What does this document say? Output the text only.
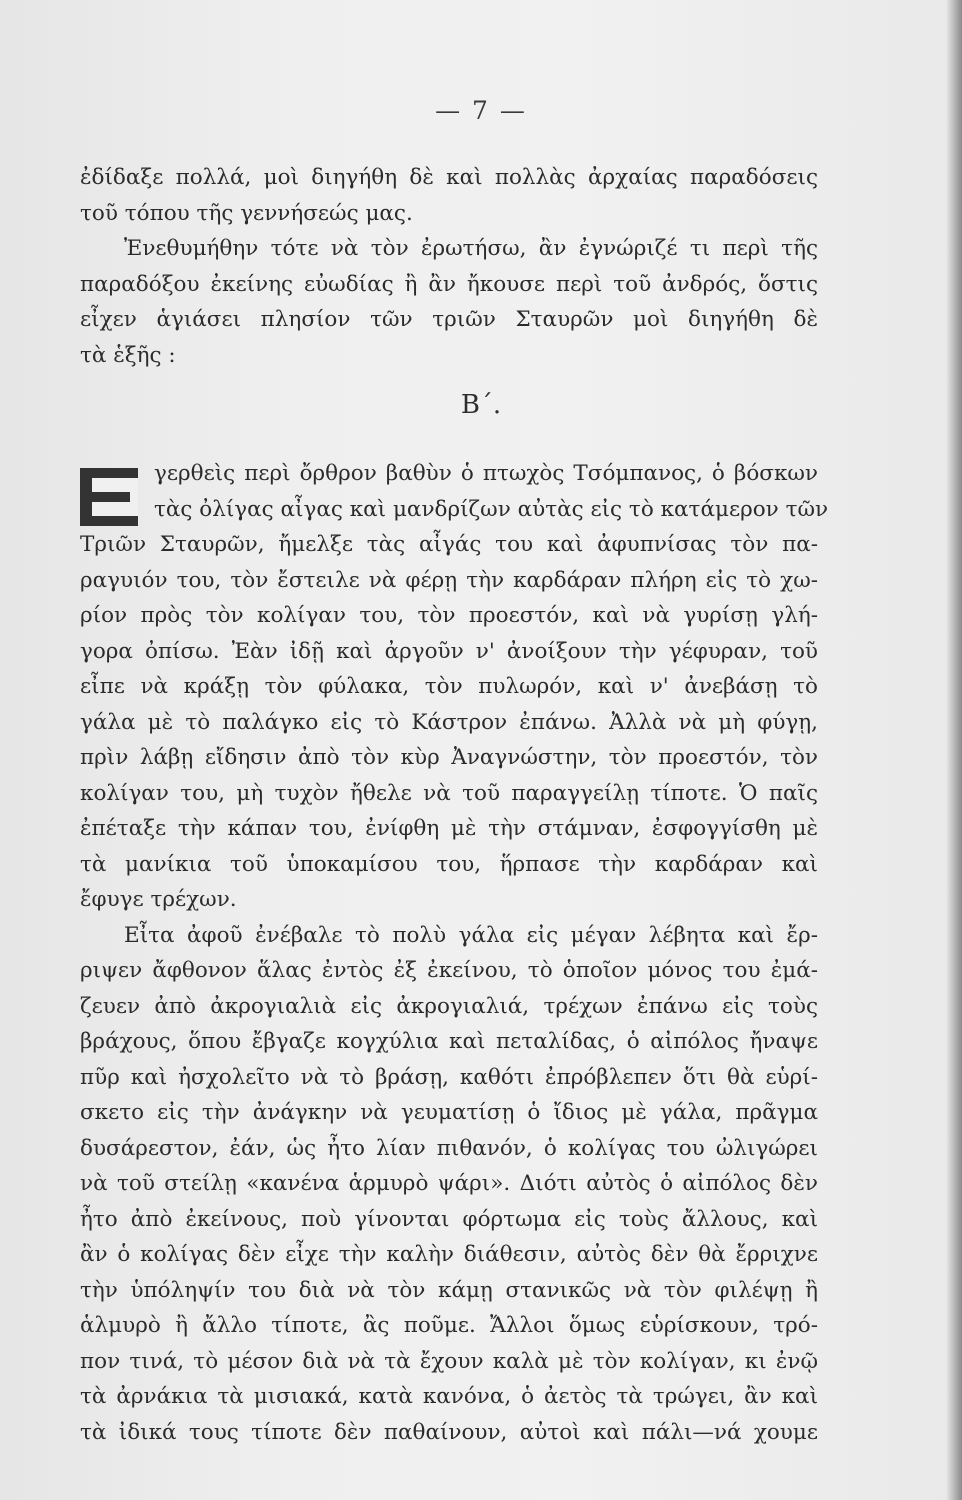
— 7 —
ἐδίδαξε πολλά, μοὶ διηγήθη δὲ καὶ πολλὰς ἀρχαίας παραδόσεις
τοῦ τόπου τῆς γεννήσεώς μας.
Ἐνεθυμήθην τότε νὰ τὸν ἐρωτήσω, ἂν ἐγνώριζέ τι περὶ τῆς
παραδόξου ἐκείνης εὐωδίας ἢ ἂν ἤκουσε περὶ τοῦ ἀνδρός, ὅστις
εἶχεν ἁγιάσει πλησίον τῶν τριῶν Σταυρῶν μοὶ διηγήθη δὲ
τὰ ἑξῆς :
Β΄.
γερθεὶς περὶ ὄρθρον βαθὺν ὁ πτωχὸς Τσόμπανος, ὁ βόσκων
τὰς ὀλίγας αἶγας καὶ μανδρίζων αὐτὰς εἰς τὸ κατάμερον τῶν
Τριῶν Σταυρῶν, ἤμελξε τὰς αἶγάς του καὶ ἀφυπνίσας τὸν πα-
ραγυιόν του, τὸν ἔστειλε νὰ φέρῃ τὴν καρδάραν πλήρη εἰς τὸ χω-
ρίον πρὸς τὸν κολίγαν του, τὸν προεστόν, καὶ νὰ γυρίσῃ γλή-
γορα ὀπίσω. Ἐὰν ἰδῇ καὶ ἀργοῦν ν' ἀνοίξουν τὴν γέφυραν, τοῦ
εἶπε νὰ κράξῃ τὸν φύλακα, τὸν πυλωρόν, καὶ ν' ἀνεβάσῃ τὸ
γάλα μὲ τὸ παλάγκο εἰς τὸ Κάστρον ἐπάνω. Ἀλλὰ νὰ μὴ φύγῃ,
πρὶν λάβῃ εἴδησιν ἀπὸ τὸν κὺρ Ἀναγνώστην, τὸν προεστόν, τὸν
κολίγαν του, μὴ τυχὸν ἤθελε νὰ τοῦ παραγγείλῃ τίποτε. Ὁ παῖς
ἐπέταξε τὴν κάπαν του, ἐνίφθη μὲ τὴν στάμναν, ἐσφογγίσθη μὲ
τὰ μανίκια τοῦ ὑποκαμίσου του, ἥρπασε τὴν καρδάραν καὶ
ἔφυγε τρέχων.
Εἶτα ἀφοῦ ἐνέβαλε τὸ πολὺ γάλα εἰς μέγαν λέβητα καὶ ἔρ-
ριψεν ἄφθονον ἅλας ἐντὸς ἐξ ἐκείνου, τὸ ὁποῖον μόνος του ἐμά-
ζευεν ἀπὸ ἀκρογιαλιὰ εἰς ἀκρογιαλιά, τρέχων ἐπάνω εἰς τοὺς
βράχους, ὅπου ἔβγαζε κογχύλια καὶ πεταλίδας, ὁ αἰπόλος ἤναψε
πῦρ καὶ ἠσχολεῖτο νὰ τὸ βράσῃ, καθότι ἐπρόβλεπεν ὅτι θὰ εὑρί-
σκετο εἰς τὴν ἀνάγκην νὰ γευματίσῃ ὁ ἴδιος μὲ γάλα, πρᾶγμα
δυσάρεστον, ἐάν, ὡς ἦτο λίαν πιθανόν, ὁ κολίγας του ὠλιγώρει
νὰ τοῦ στείλῃ «κανένα ἁρμυρὸ ψάρι». Διότι αὐτὸς ὁ αἰπόλος δὲν
ἦτο ἀπὸ ἐκείνους, ποὺ γίνονται φόρτωμα εἰς τοὺς ἄλλους, καὶ
ἂν ὁ κολίγας δὲν εἶχε τὴν καλὴν διάθεσιν, αὐτὸς δὲν θὰ ἔρριχνε
τὴν ὑπόληψίν του διὰ νὰ τὸν κάμῃ στανικῶς νὰ τὸν φιλέψῃ ἢ
ἁλμυρὸ ἢ ἄλλο τίποτε, ἂς ποῦμε. Ἄλλοι ὅμως εὑρίσκουν, τρό-
πον τινά, τὸ μέσον διὰ νὰ τὰ ἔχουν καλὰ μὲ τὸν κολίγαν, κι ἐνῷ
τὰ ἀρνάκια τὰ μισιακά, κατὰ κανόνα, ὁ ἀετὸς τὰ τρώγει, ἂν καὶ
τὰ ἰδικά τους τίποτε δὲν παθαίνουν, αὐτοὶ καὶ πάλι—νά χουμε
